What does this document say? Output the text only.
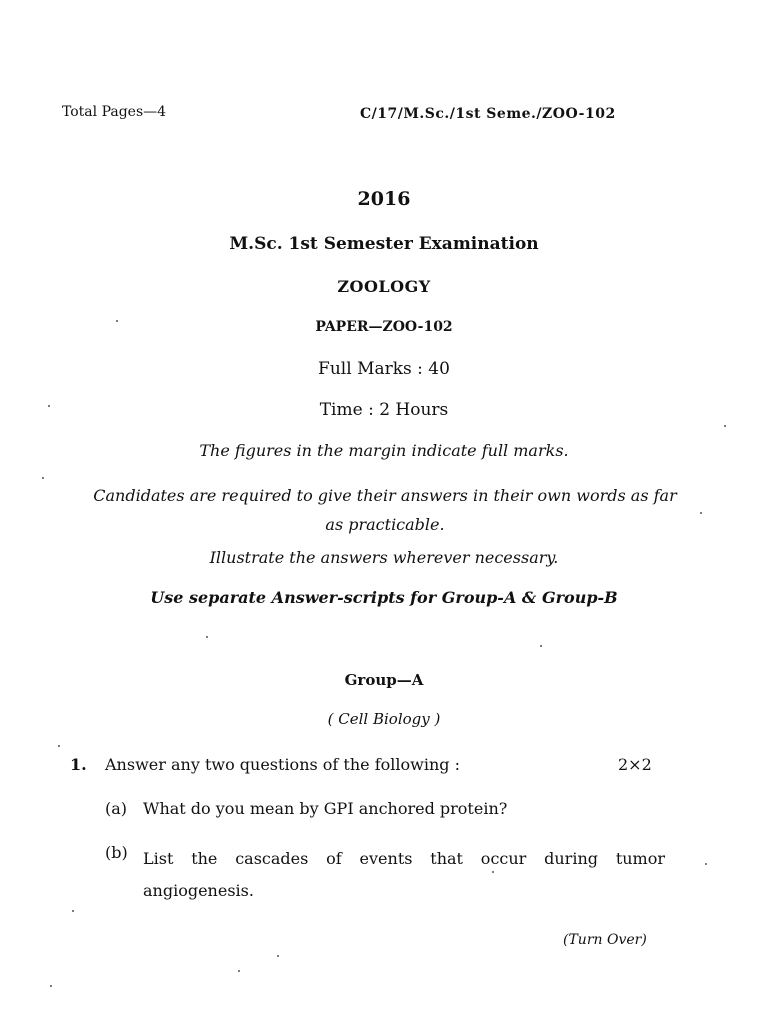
Total Pages—4	C/17/M.Sc./1st Seme./ZOO-102
2016
M.Sc. 1st Semester Examination
ZOOLOGY
PAPER—ZOO-102
Full Marks : 40
Time : 2 Hours
The figures in the margin indicate full marks.
Candidates are required to give their answers in their own words as far as practicable.
Illustrate the answers wherever necessary.
Use separate Answer-scripts for Group-A & Group-B
Group—A
( Cell Biology )
1. Answer any two questions of the following :	2×2
(a) What do you mean by GPI anchored protein?
(b) List the cascades of events that occur during tumor angiogenesis.
(Turn Over)
